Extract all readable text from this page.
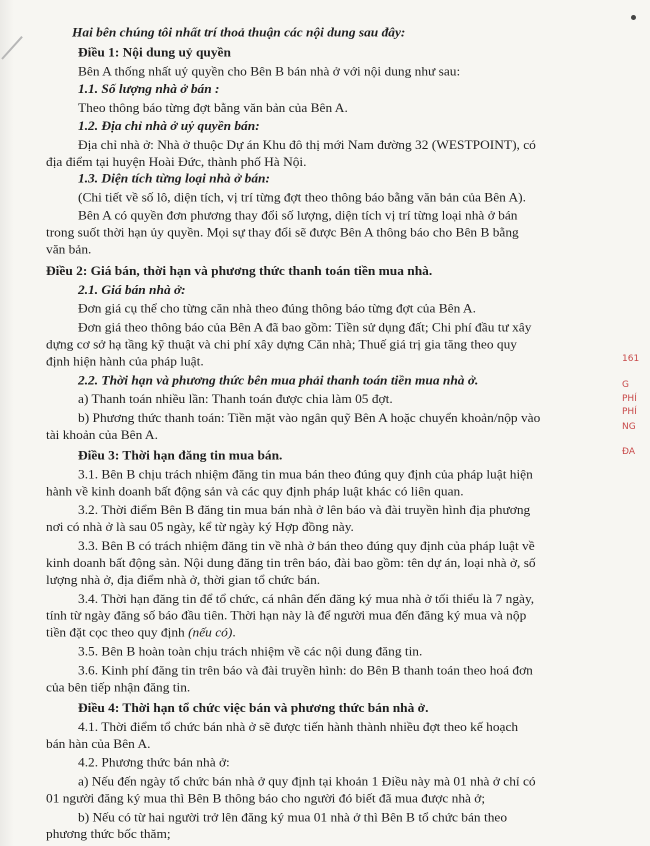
Hai bên chúng tôi nhất trí thoả thuận các nội dung sau đây:
Điều 1: Nội dung uỷ quyền
Bên A thống nhất uỷ quyền cho Bên B bán nhà ở với nội dung như sau:
1.1. Số lượng nhà ở bán :
Theo thông báo từng đợt bằng văn bản của Bên A.
1.2. Địa chỉ nhà ở uỷ quyền bán:
Địa chỉ nhà ở: Nhà ở thuộc Dự án Khu đô thị mới Nam đường 32 (WESTPOINT), có
địa điểm tại huyện Hoài Đức, thành phố Hà Nội.
1.3. Diện tích từng loại nhà ở bán:
(Chi tiết về số lô, diện tích, vị trí từng đợt theo thông báo bằng văn bản của Bên A).
Bên A có quyền đơn phương thay đổi số lượng, diện tích vị trí từng loại nhà ở bán
trong suốt thời hạn ủy quyền. Mọi sự thay đổi sẽ được Bên A thông báo cho Bên B bằng
văn bản.
Điều 2: Giá bán, thời hạn và phương thức thanh toán tiền mua nhà.
2.1. Giá bán nhà ở:
Đơn giá cụ thể cho từng căn nhà theo đúng thông báo từng đợt của Bên A.
Đơn giá theo thông báo của Bên A đã bao gồm: Tiền sử dụng đất; Chi phí đầu tư xây
dựng cơ sở hạ tầng kỹ thuật và chi phí xây dựng Căn nhà; Thuế giá trị gia tăng theo quy
định hiện hành của pháp luật.
2.2. Thời hạn và phương thức bên mua phải thanh toán tiền mua nhà ở.
a) Thanh toán nhiều lần: Thanh toán được chia làm 05 đợt.
b) Phương thức thanh toán: Tiền mặt vào ngân quỹ Bên A hoặc chuyển khoản/nộp vào
tài khoản của Bên A.
Điều 3: Thời hạn đăng tin mua bán.
3.1. Bên B chịu trách nhiệm đăng tin mua bán theo đúng quy định của pháp luật hiện
hành về kinh doanh bất động sản và các quy định pháp luật khác có liên quan.
3.2. Thời điểm Bên B đăng tin mua bán nhà ở lên báo và đài truyền hình địa phương
nơi có nhà ở là sau 05 ngày, kể từ ngày ký Hợp đồng này.
3.3. Bên B có trách nhiệm đăng tin về nhà ở bán theo đúng quy định của pháp luật về
kinh doanh bất động sản. Nội dung đăng tin trên báo, đài bao gồm: tên dự án, loại nhà ở, số
lượng nhà ở, địa điểm nhà ở, thời gian tổ chức bán.
3.4. Thời hạn đăng tin để tổ chức, cá nhân đến đăng ký mua nhà ở tối thiểu là 7 ngày,
tính từ ngày đăng số báo đầu tiên. Thời hạn này là để người mua đến đăng ký mua và nộp
tiền đặt cọc theo quy định (nếu có).
3.5. Bên B hoàn toàn chịu trách nhiệm về các nội dung đăng tin.
3.6. Kinh phí đăng tin trên báo và đài truyền hình: do Bên B thanh toán theo hoá đơn
của bên tiếp nhận đăng tin.
Điều 4: Thời hạn tổ chức việc bán và phương thức bán nhà ở.
4.1. Thời điểm tổ chức bán nhà ở sẽ được tiến hành thành nhiều đợt theo kế hoạch
bán hàn của Bên A.
4.2. Phương thức bán nhà ở:
a) Nếu đến ngày tổ chức bán nhà ở quy định tại khoản 1 Điều này mà 01 nhà ở chỉ có
01 người đăng ký mua thì Bên B thông báo cho người đó biết đã mua được nhà ở;
b) Nếu có từ hai người trở lên đăng ký mua 01 nhà ở thì Bên B tổ chức bán theo
phương thức bốc thăm;
161
G
PHÍ
PHÍ
NG
ĐA
